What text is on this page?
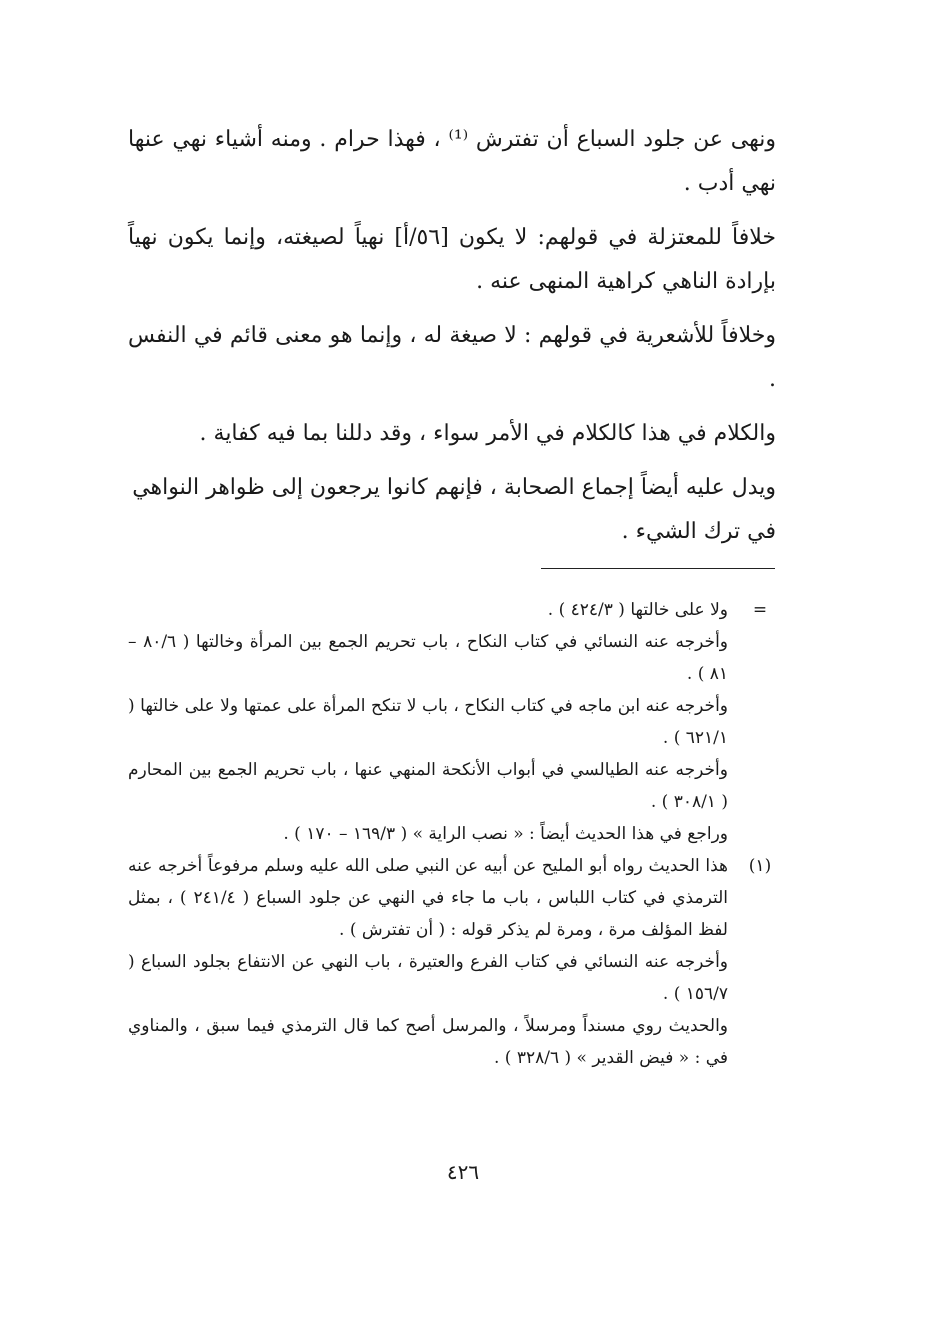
ونهى عن جلود السباع أن تفترش ⁽¹⁾ ، فهذا حرام . ومنه أشياء نهي عنها نهي أدب .

خلافاً للمعتزلة في قولهم: لا يكون [٥٦/أ] نهياً لصيغته، وإنما يكون نهياً بإرادة الناهي كراهية المنهى عنه .

وخلافاً للأشعرية في قولهم : لا صيغة له ، وإنما هو معنى قائم في النفس .

والكلام في هذا كالكلام في الأمر سواء ، وقد دللنا بما فيه كفاية .

ويدل عليه أيضاً إجماع الصحابة ، فإنهم كانوا يرجعون إلى ظواهر النواهي في ترك الشيء .

=
ولا على خالتها ( ٤٢٤/٣ ) .
وأخرجه عنه النسائي في كتاب النكاح ، باب تحريم الجمع بين المرأة وخالتها ( ٨٠/٦ – ٨١ ) .
وأخرجه عنه ابن ماجه في كتاب النكاح ، باب لا تنكح المرأة على عمتها ولا على خالتها ( ٦٢١/١ ) .
وأخرجه عنه الطيالسي في أبواب الأنكحة المنهي عنها ، باب تحريم الجمع بين المحارم ( ٣٠٨/١ ) .
وراجع في هذا الحديث أيضاً : « نصب الراية » ( ١٦٩/٣ – ١٧٠ ) .
(١)
هذا الحديث رواه أبو المليح عن أبيه عن النبي صلى الله عليه وسلم مرفوعاً أخرجه عنه الترمذي في كتاب اللباس ، باب ما جاء في النهي عن جلود السباع ( ٢٤١/٤ ) ، بمثل لفظ المؤلف مرة ، ومرة لم يذكر قوله : ( أن تفترش ) .
وأخرجه عنه النسائي في كتاب الفرع والعتيرة ، باب النهي عن الانتفاع بجلود السباع ( ١٥٦/٧ ) .
والحديث روي مسنداً ومرسلاً ، والمرسل أصح كما قال الترمذي فيما سبق ، والمناوي في : « فيض القدير » ( ٣٢٨/٦ ) .
٤٢٦
